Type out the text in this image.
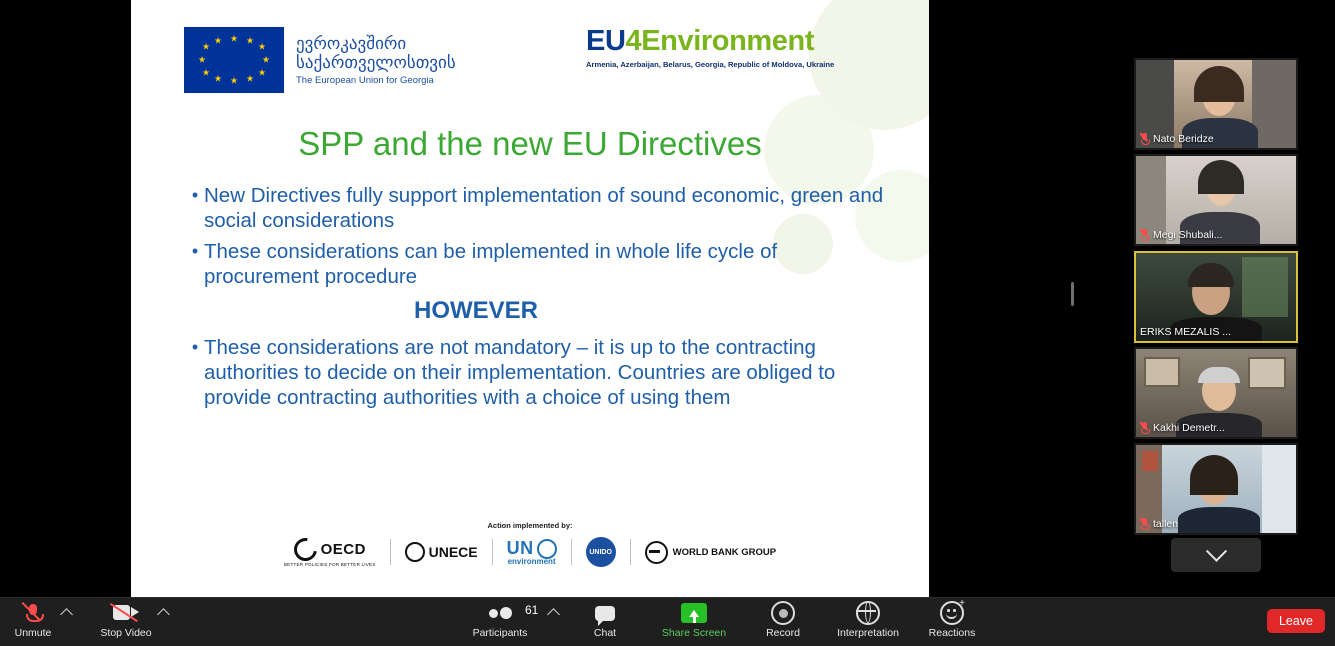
★ ★
★
★
★
★
★
★
★
★
★
★	ევროკავშირი
საქართველოსთვის
The European Union for Georgia
EU4Environment
Armenia, Azerbaijan, Belarus, Georgia, Republic of Moldova, Ukraine
SPP and the new EU Directives
• New Directives fully support implementation of sound economic, green and social considerations
• These considerations can be implemented in whole life cycle of procurement procedure
HOWEVER
• These considerations are not mandatory – it is up to the contracting authorities to decide on their implementation. Countries are obliged to provide contracting authorities with a choice of using them
Action implemented by:
OECD
BETTER POLICIES FOR BETTER LIVES
UNECE UN
environment
UNIDO	WORLD BANK GROUP
Nato Beridze
Megi Shubali...
ERIKS MEZALIS ...
Kakhi Demetr...
tallen
Unmute	Stop Video	Participants
61
Chat	Share Screen	Record	Interpretation
+
Reactions
Leave
